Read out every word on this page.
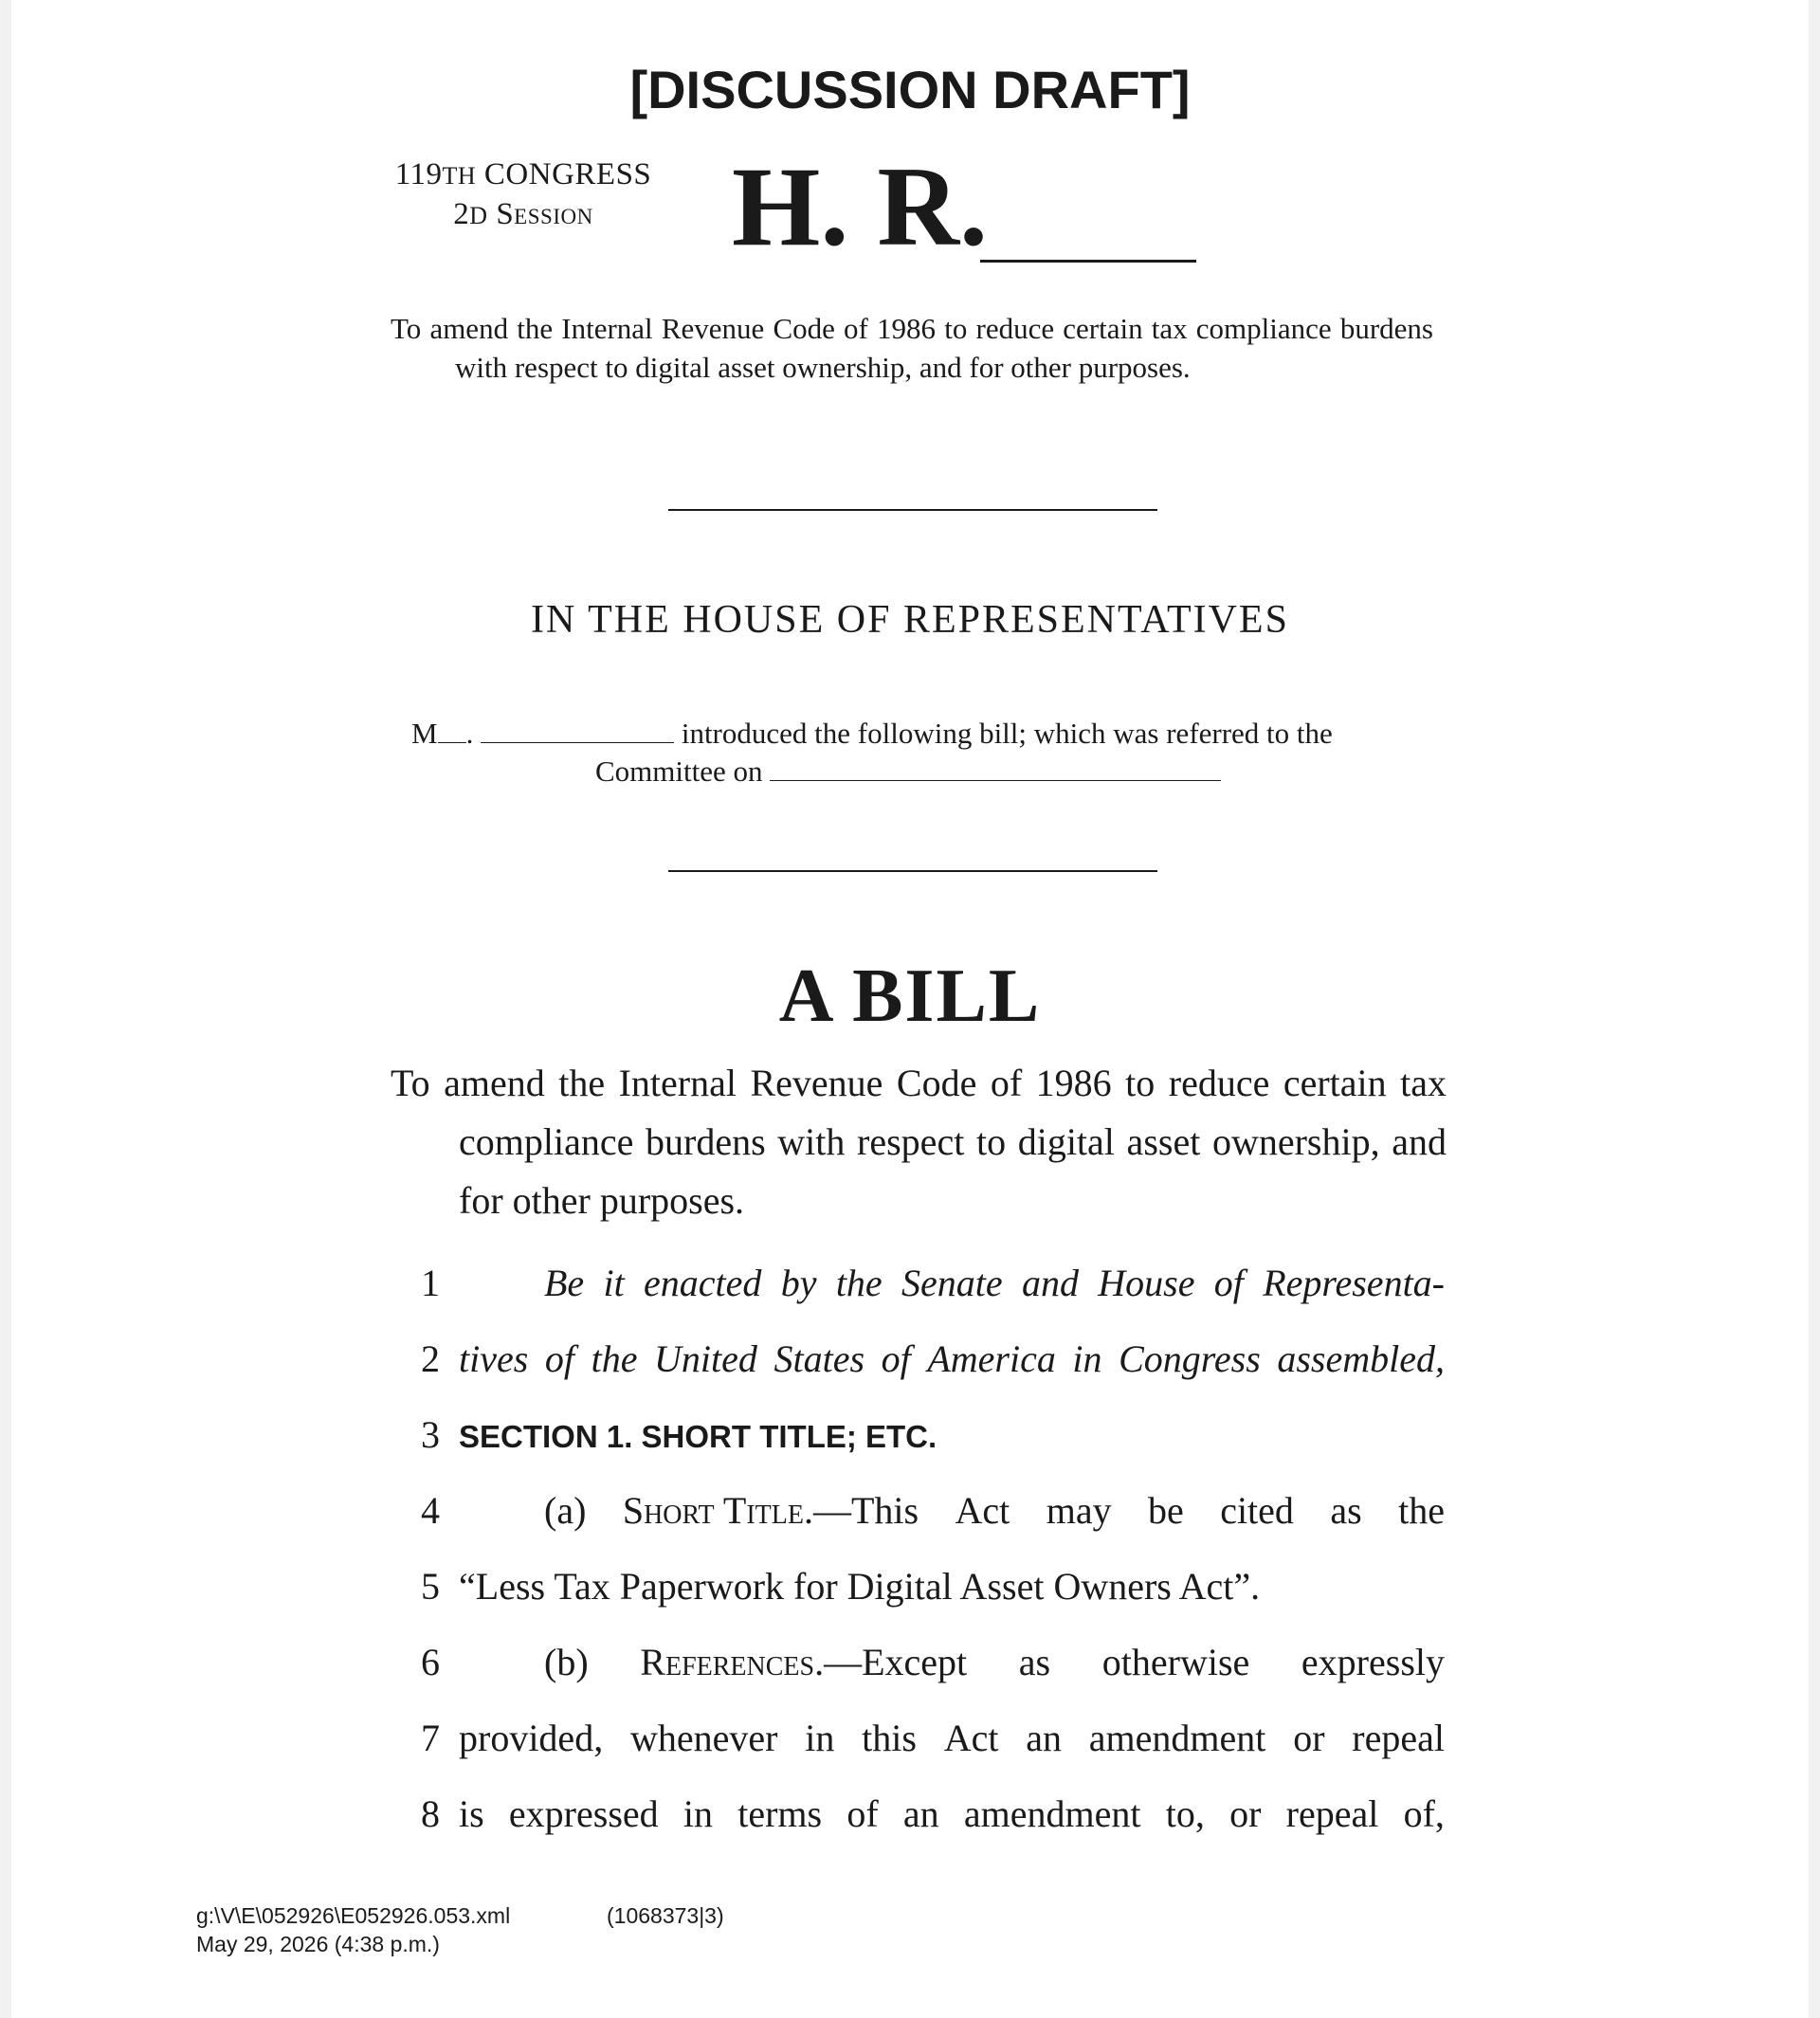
[DISCUSSION DRAFT]
119TH CONGRESS
2D Session	H. R.
To amend the Internal Revenue Code of 1986 to reduce certain tax compliance burdens with respect to digital asset ownership, and for other purposes.
IN THE HOUSE OF REPRESENTATIVES
M .	introduced the following bill; which was referred to the
Committee on
A BILL
To amend the Internal Revenue Code of 1986 to reduce certain tax compliance burdens with respect to digital asset ownership, and for other purposes.
1	Be it enacted by the Senate and House of Representa-
2 tives of the United States of America in Congress assembled,
3 SECTION 1. SHORT TITLE; ETC.
4	(a) Short Title.—This Act may be cited as the
5 “Less Tax Paperwork for Digital Asset Owners Act”.
6	(b) References.—Except as otherwise expressly
7 provided, whenever in this Act an amendment or repeal
8 is expressed in terms of an amendment to, or repeal of,
g:\V\E\052926\E052926.053.xml	(1068373|3)
May 29, 2026 (4:38 p.m.)
